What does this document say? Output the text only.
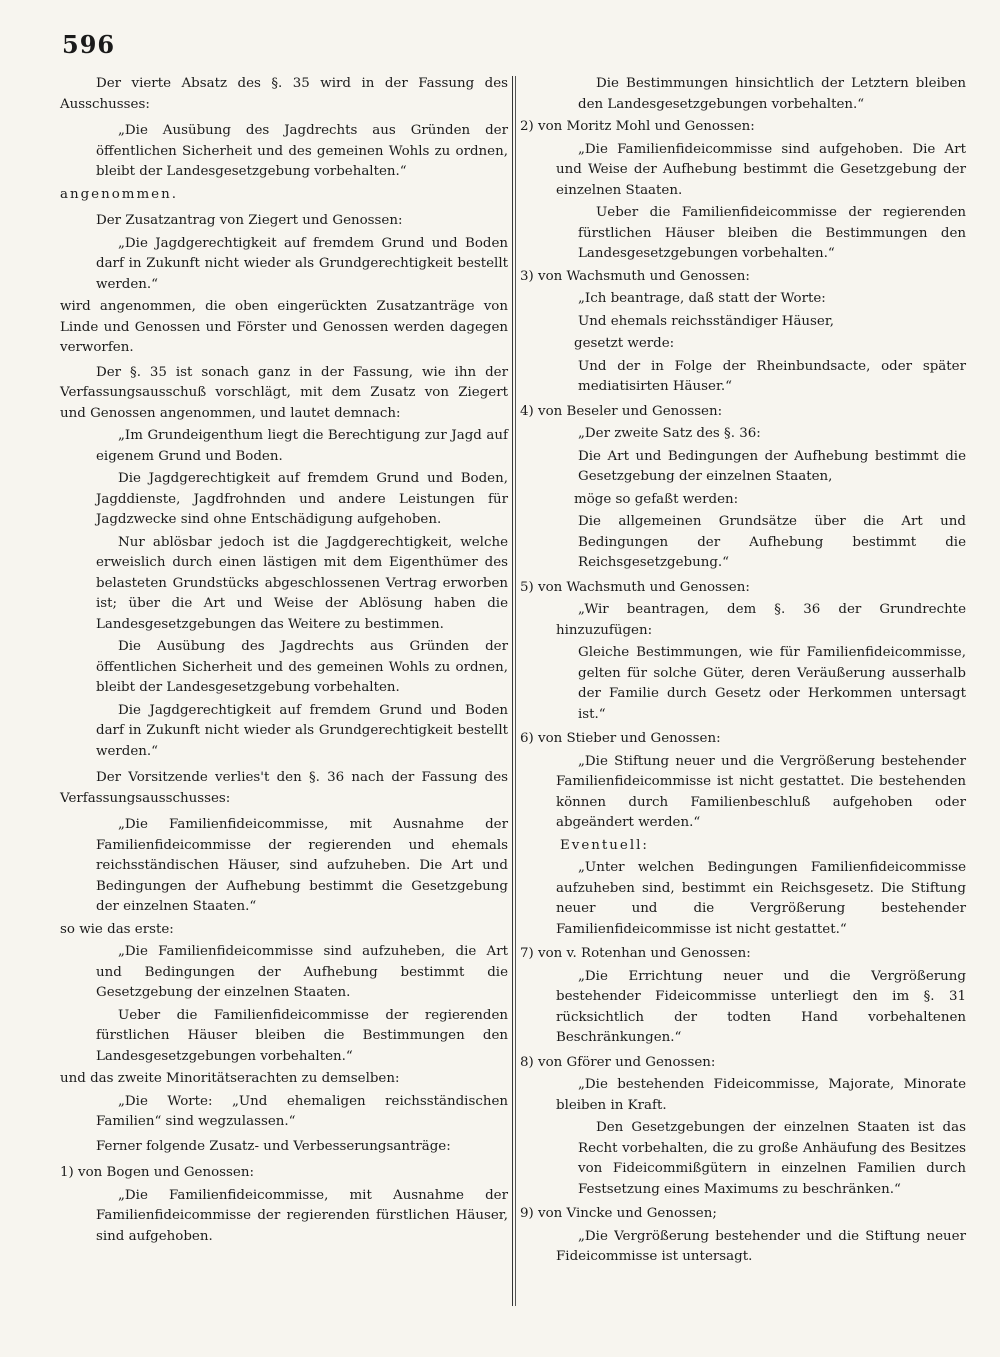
596

Der vierte Absatz des §. 35 wird in der Fassung des Ausschusses:

„Die Ausübung des Jagdrechts aus Gründen der öffentlichen Sicherheit und des gemeinen Wohls zu ordnen, bleibt der Landesgesetzgebung vorbehalten.“

angenommen.

Der Zusatzantrag von Ziegert und Genossen:

„Die Jagdgerechtigkeit auf fremdem Grund und Boden darf in Zukunft nicht wieder als Grundgerechtigkeit bestellt werden.“

wird angenommen, die oben eingerückten Zusatzanträge von Linde und Genossen und Förster und Genossen werden dagegen verworfen.

Der §. 35 ist sonach ganz in der Fassung, wie ihn der Verfassungsausschuß vorschlägt, mit dem Zusatz von Ziegert und Genossen angenommen, und lautet demnach:

„Im Grundeigenthum liegt die Berechtigung zur Jagd auf eigenem Grund und Boden.

Die Jagdgerechtigkeit auf fremdem Grund und Boden, Jagddienste, Jagdfrohnden und andere Leistungen für Jagdzwecke sind ohne Entschädigung aufgehoben.

Nur ablösbar jedoch ist die Jagdgerechtigkeit, welche erweislich durch einen lästigen mit dem Eigenthümer des belasteten Grundstücks abgeschlossenen Vertrag erworben ist; über die Art und Weise der Ablösung haben die Landesgesetzgebungen das Weitere zu bestimmen.

Die Ausübung des Jagdrechts aus Gründen der öffentlichen Sicherheit und des gemeinen Wohls zu ordnen, bleibt der Landesgesetzgebung vorbehalten.

Die Jagdgerechtigkeit auf fremdem Grund und Boden darf in Zukunft nicht wieder als Grundgerechtigkeit bestellt werden.“

Der Vorsitzende verlies't den §. 36 nach der Fassung des Verfassungsausschusses:

„Die Familienfideicommisse, mit Ausnahme der Familienfideicommisse der regierenden und ehemals reichsständischen Häuser, sind aufzuheben. Die Art und Bedingungen der Aufhebung bestimmt die Gesetzgebung der einzelnen Staaten.“

so wie das erste:

„Die Familienfideicommisse sind aufzuheben, die Art und Bedingungen der Aufhebung bestimmt die Gesetzgebung der einzelnen Staaten.

Ueber die Familienfideicommisse der regierenden fürstlichen Häuser bleiben die Bestimmungen den Landesgesetzgebungen vorbehalten.“

und das zweite Minoritätserachten zu demselben:

„Die Worte: „Und ehemaligen reichsständischen Familien“ sind wegzulassen.“

Ferner folgende Zusatz- und Verbesserungsanträge:

1) von Bogen und Genossen:

„Die Familienfideicommisse, mit Ausnahme der Familienfideicommisse der regierenden fürstlichen Häuser, sind aufgehoben.

Die Bestimmungen hinsichtlich der Letztern bleiben den Landesgesetzgebungen vorbehalten.“

2) von Moritz Mohl und Genossen:

„Die Familienfideicommisse sind aufgehoben. Die Art und Weise der Aufhebung bestimmt die Gesetzgebung der einzelnen Staaten.

Ueber die Familienfideicommisse der regierenden fürstlichen Häuser bleiben die Bestimmungen den Landesgesetzgebungen vorbehalten.“

3) von Wachsmuth und Genossen:

„Ich beantrage, daß statt der Worte:

Und ehemals reichsständiger Häuser,

gesetzt werde:

Und der in Folge der Rheinbundsacte, oder später mediatisirten Häuser.“

4) von Beseler und Genossen:

„Der zweite Satz des §. 36:

Die Art und Bedingungen der Aufhebung bestimmt die Gesetzgebung der einzelnen Staaten,

möge so gefaßt werden:

Die allgemeinen Grundsätze über die Art und Bedingungen der Aufhebung bestimmt die Reichsgesetzgebung.“

5) von Wachsmuth und Genossen:

„Wir beantragen, dem §. 36 der Grundrechte hinzuzufügen:

Gleiche Bestimmungen, wie für Familienfideicommisse, gelten für solche Güter, deren Veräußerung ausserhalb der Familie durch Gesetz oder Herkommen untersagt ist.“

6) von Stieber und Genossen:

„Die Stiftung neuer und die Vergrößerung bestehender Familienfideicommisse ist nicht gestattet. Die bestehenden können durch Familienbeschluß aufgehoben oder abgeändert werden.“

Eventuell:

„Unter welchen Bedingungen Familienfideicommisse aufzuheben sind, bestimmt ein Reichsgesetz. Die Stiftung neuer und die Vergrößerung bestehender Familienfideicommisse ist nicht gestattet.“

7) von v. Rotenhan und Genossen:

„Die Errichtung neuer und die Vergrößerung bestehender Fideicommisse unterliegt den im §. 31 rücksichtlich der todten Hand vorbehaltenen Beschränkungen.“

8) von Gförer und Genossen:

„Die bestehenden Fideicommisse, Majorate, Minorate bleiben in Kraft.

Den Gesetzgebungen der einzelnen Staaten ist das Recht vorbehalten, die zu große Anhäufung des Besitzes von Fideicommißgütern in einzelnen Familien durch Festsetzung eines Maximums zu beschränken.“

9) von Vincke und Genossen;

„Die Vergrößerung bestehender und die Stiftung neuer Fideicommisse ist untersagt.
